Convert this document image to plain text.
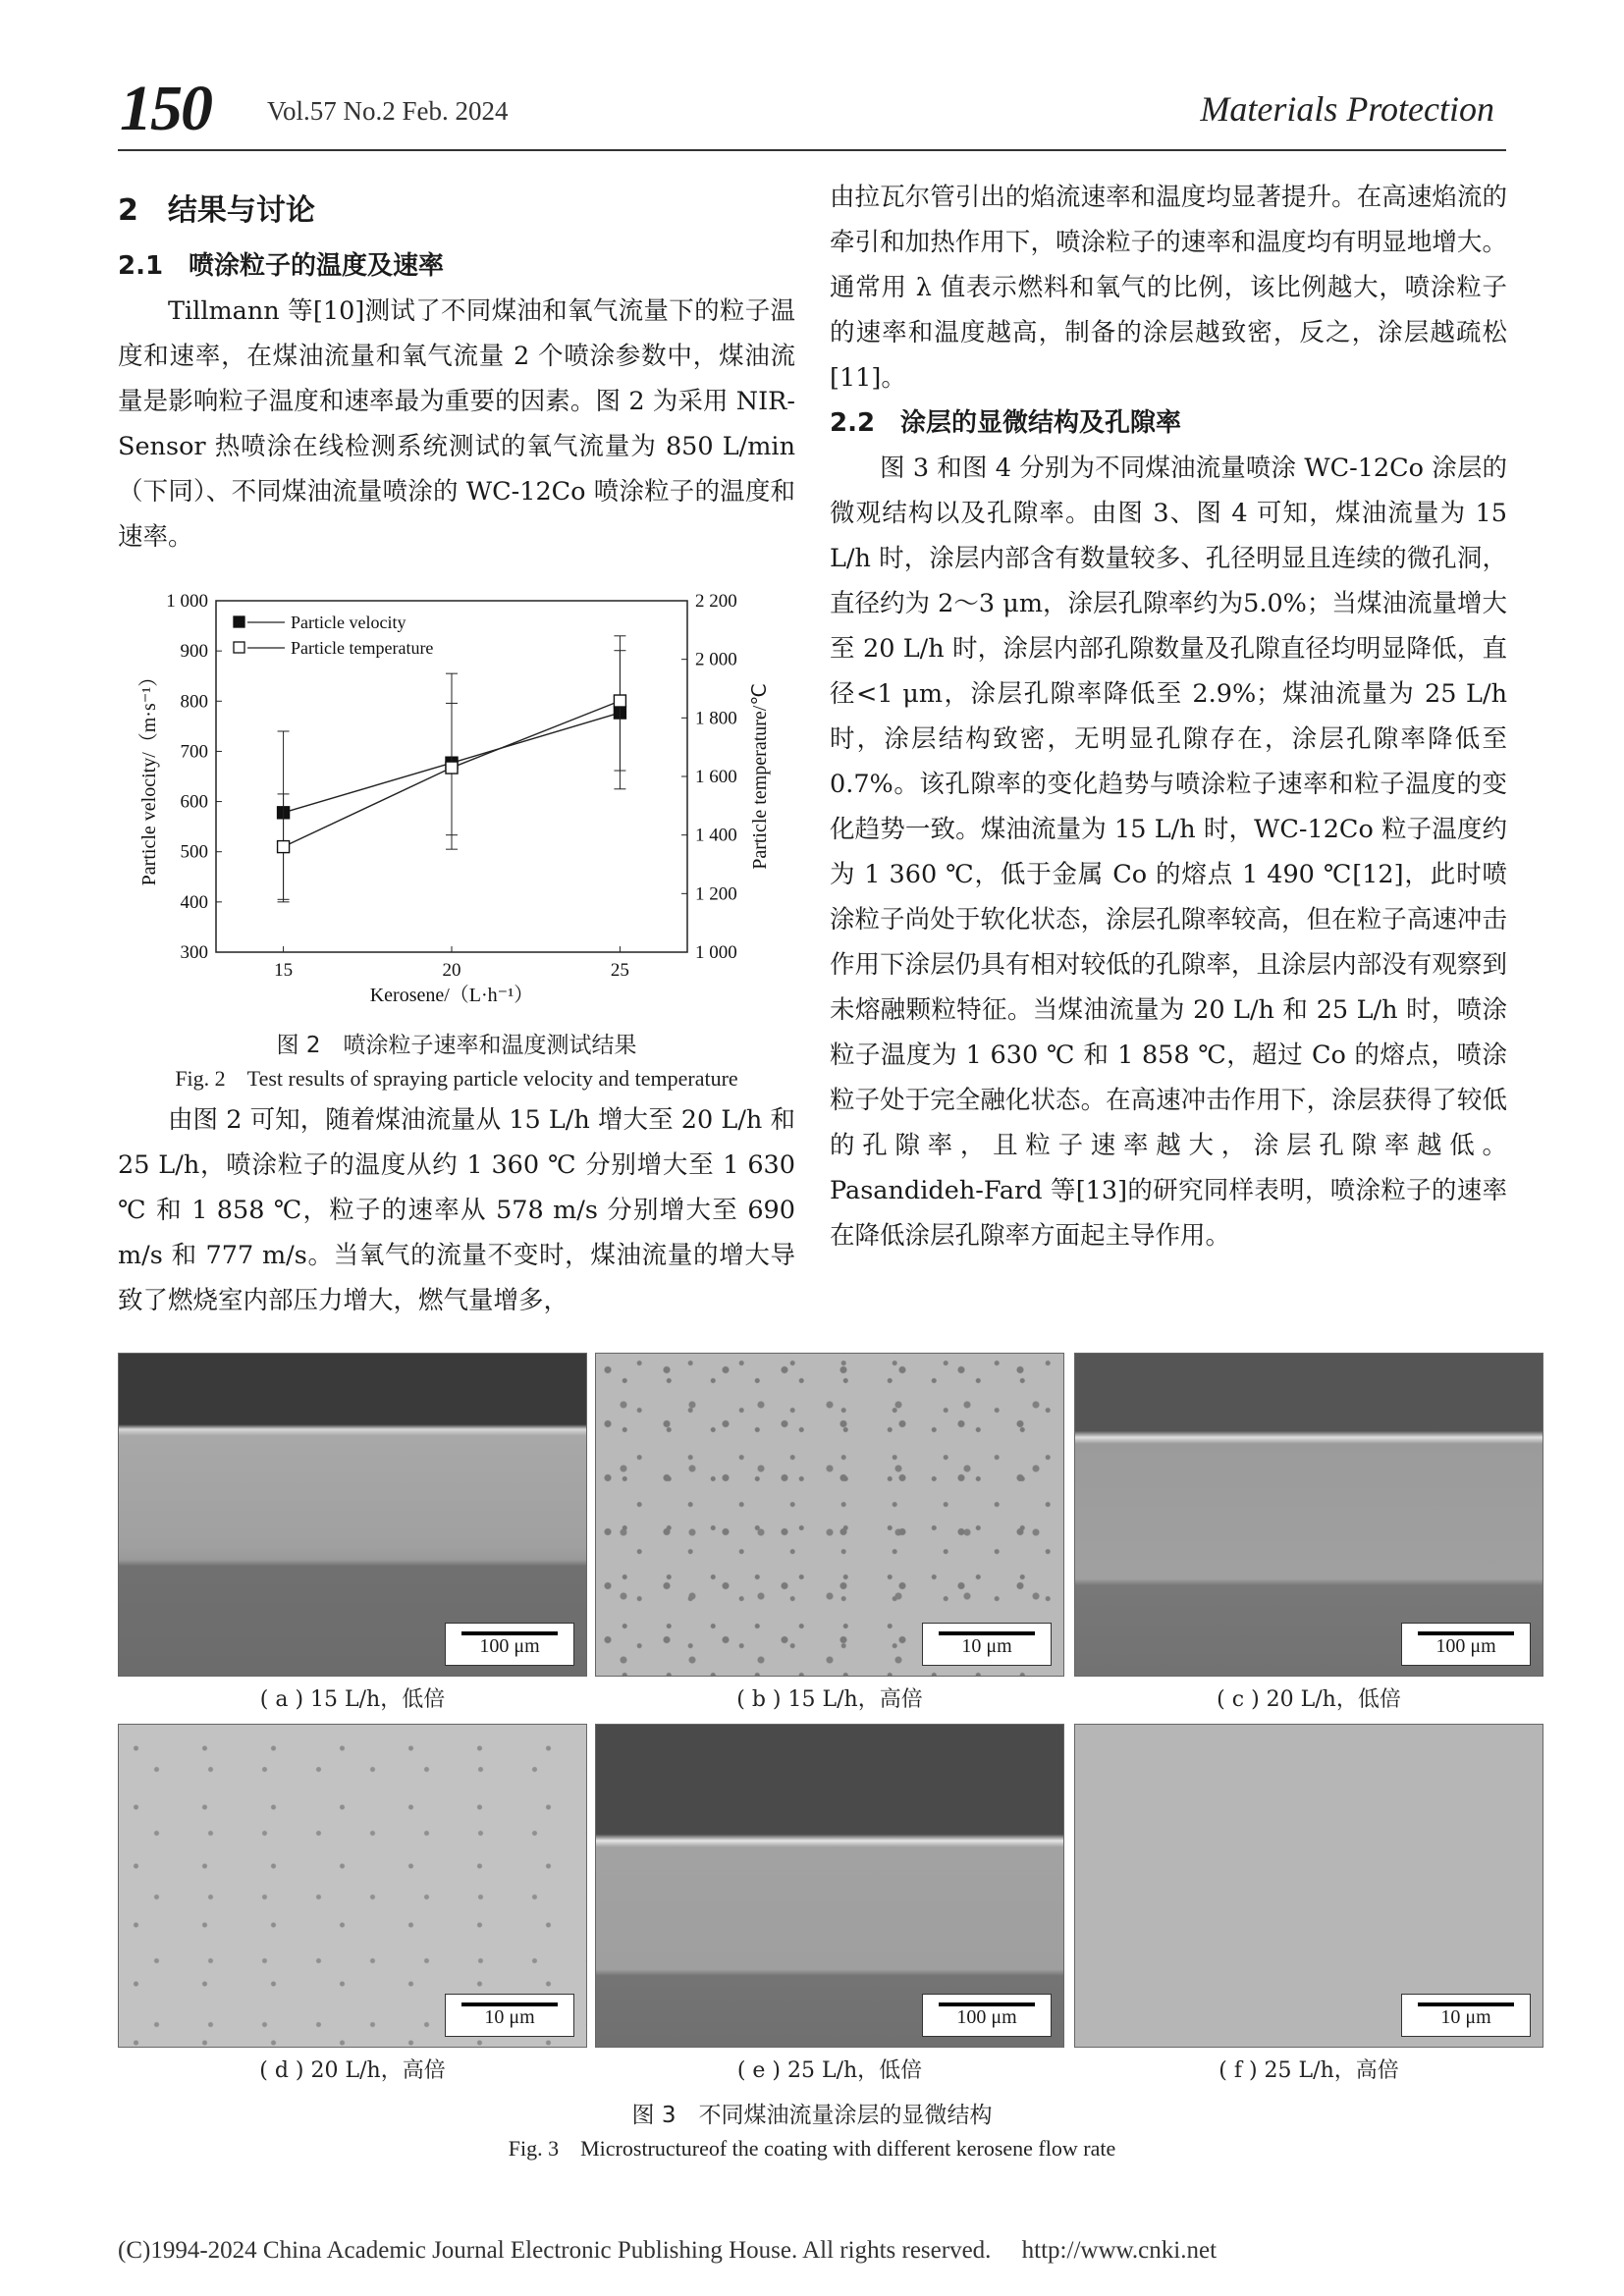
150 Vol.57 No.2 Feb. 2024	Materials Protection
2　结果与讨论
2.1　喷涂粒子的温度及速率

Tillmann 等[10]测试了不同煤油和氧气流量下的粒子温度和速率，在煤油流量和氧气流量 2 个喷涂参数中，煤油流量是影响粒子温度和速率最为重要的因素。图 2 为采用 NIR-Sensor 热喷涂在线检测系统测试的氧气流量为 850 L/min（下同）、不同煤油流量喷涂的 WC-12Co 喷涂粒子的温度和速率。

300
400
500
600
700
800
900
1 000
1 000
1 200
1 400
1 600
1 800
2 000
2 200
15	20	25
Kerosene/（L·h⁻¹）
Particle velocity/（m·s⁻¹）	Particle temperature/℃
Particle velocity
Particle temperature
图 2　喷涂粒子速率和温度测试结果
Fig. 2　Test results of spraying particle velocity and temperature

由图 2 可知，随着煤油流量从 15 L/h 增大至 20 L/h 和 25 L/h，喷涂粒子的温度从约 1 360 ℃ 分别增大至 1 630 ℃ 和 1 858 ℃，粒子的速率从 578 m/s 分别增大至 690 m/s 和 777 m/s。当氧气的流量不变时，煤油流量的增大导致了燃烧室内部压力增大，燃气量增多，

由拉瓦尔管引出的焰流速率和温度均显著提升。在高速焰流的牵引和加热作用下，喷涂粒子的速率和温度均有明显地增大。通常用 λ 值表示燃料和氧气的比例，该比例越大，喷涂粒子的速率和温度越高，制备的涂层越致密，反之，涂层越疏松[11]。

2.2　涂层的显微结构及孔隙率

图 3 和图 4 分别为不同煤油流量喷涂 WC-12Co 涂层的微观结构以及孔隙率。由图 3、图 4 可知，煤油流量为 15 L/h 时，涂层内部含有数量较多、孔径明显且连续的微孔洞，直径约为 2～3 μm，涂层孔隙率约为5.0%；当煤油流量增大至 20 L/h 时，涂层内部孔隙数量及孔隙直径均明显降低，直径<1 μm，涂层孔隙率降低至 2.9%；煤油流量为 25 L/h 时，涂层结构致密，无明显孔隙存在，涂层孔隙率降低至 0.7%。该孔隙率的变化趋势与喷涂粒子速率和粒子温度的变化趋势一致。煤油流量为 15 L/h 时，WC-12Co 粒子温度约为 1 360 ℃，低于金属 Co 的熔点 1 490 ℃[12]，此时喷涂粒子尚处于软化状态，涂层孔隙率较高，但在粒子高速冲击作用下涂层仍具有相对较低的孔隙率，且涂层内部没有观察到未熔融颗粒特征。当煤油流量为 20 L/h 和 25 L/h 时，喷涂粒子温度为 1 630 ℃ 和 1 858 ℃，超过 Co 的熔点，喷涂粒子处于完全融化状态。在高速冲击作用下，涂层获得了较低的孔隙率，且粒子速率越大，涂层孔隙率越低。Pasandideh-Fard 等[13]的研究同样表明，喷涂粒子的速率在降低涂层孔隙率方面起主导作用。

100 μm	10 μm	100 μm
( a ) 15 L/h，低倍	( b ) 15 L/h，高倍	( c ) 20 L/h，低倍
10 μm	100 μm	10 μm
( d ) 20 L/h，高倍	( e ) 25 L/h，低倍	( f ) 25 L/h，高倍
图 3　不同煤油流量涂层的显微结构
Fig. 3　Microstructureof the coating with different kerosene flow rate
(C)1994-2024 China Academic Journal Electronic Publishing House. All rights reserved.　 http://www.cnki.net
